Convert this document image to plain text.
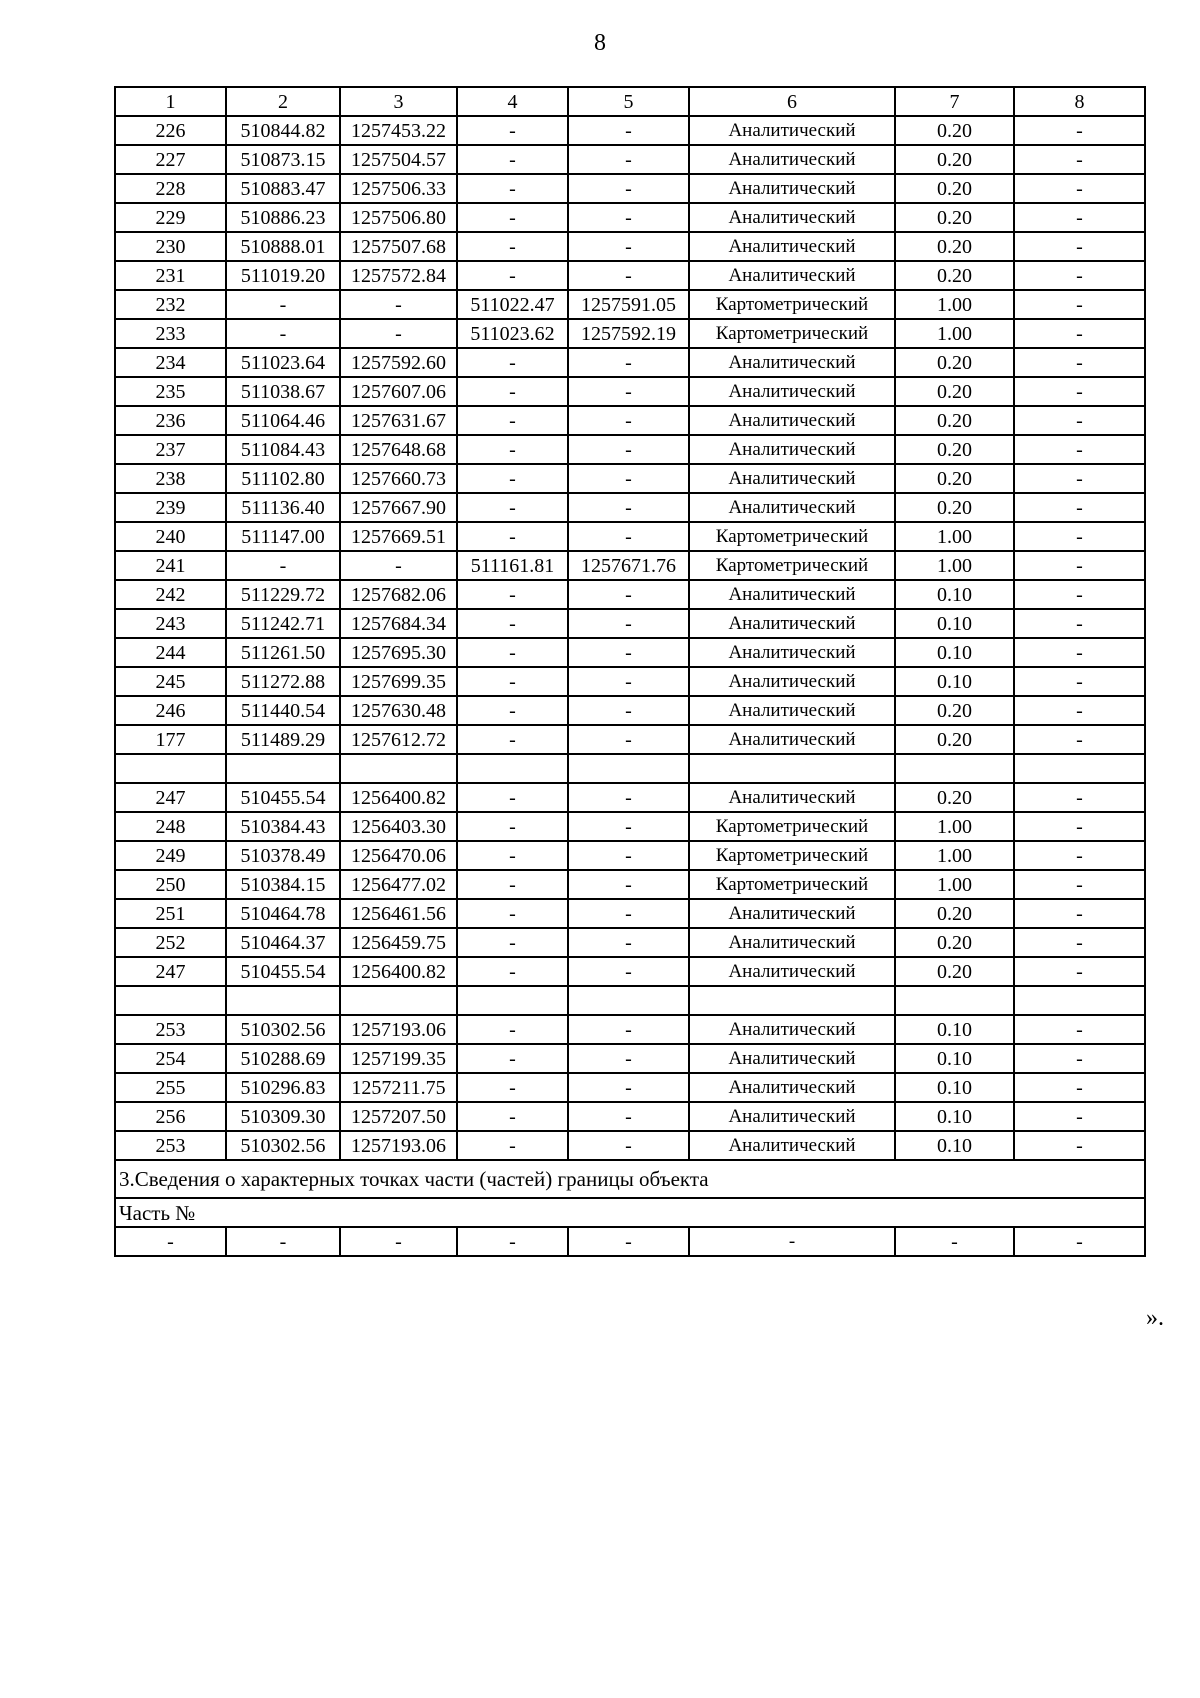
8
1	2	3	4	5	6	7	8
226	510844.82	1257453.22	-	-	Аналитический	0.20	-
227	510873.15	1257504.57	-	-	Аналитический	0.20	-
228	510883.47	1257506.33	-	-	Аналитический	0.20	-
229	510886.23	1257506.80	-	-	Аналитический	0.20	-
230	510888.01	1257507.68	-	-	Аналитический	0.20	-
231	511019.20	1257572.84	-	-	Аналитический	0.20	-
232	-	-	511022.47	1257591.05	Картометрический	1.00	-
233	-	-	511023.62	1257592.19	Картометрический	1.00	-
234	511023.64	1257592.60	-	-	Аналитический	0.20	-
235	511038.67	1257607.06	-	-	Аналитический	0.20	-
236	511064.46	1257631.67	-	-	Аналитический	0.20	-
237	511084.43	1257648.68	-	-	Аналитический	0.20	-
238	511102.80	1257660.73	-	-	Аналитический	0.20	-
239	511136.40	1257667.90	-	-	Аналитический	0.20	-
240	511147.00	1257669.51	-	-	Картометрический	1.00	-
241	-	-	511161.81	1257671.76	Картометрический	1.00	-
242	511229.72	1257682.06	-	-	Аналитический	0.10	-
243	511242.71	1257684.34	-	-	Аналитический	0.10	-
244	511261.50	1257695.30	-	-	Аналитический	0.10	-
245	511272.88	1257699.35	-	-	Аналитический	0.10	-
246	511440.54	1257630.48	-	-	Аналитический	0.20	-
177	511489.29	1257612.72	-	-	Аналитический	0.20	-

247	510455.54	1256400.82	-	-	Аналитический	0.20	-
248	510384.43	1256403.30	-	-	Картометрический	1.00	-
249	510378.49	1256470.06	-	-	Картометрический	1.00	-
250	510384.15	1256477.02	-	-	Картометрический	1.00	-
251	510464.78	1256461.56	-	-	Аналитический	0.20	-
252	510464.37	1256459.75	-	-	Аналитический	0.20	-
247	510455.54	1256400.82	-	-	Аналитический	0.20	-

253	510302.56	1257193.06	-	-	Аналитический	0.10	-
254	510288.69	1257199.35	-	-	Аналитический	0.10	-
255	510296.83	1257211.75	-	-	Аналитический	0.10	-
256	510309.30	1257207.50	-	-	Аналитический	0.10	-
253	510302.56	1257193.06	-	-	Аналитический	0.10	-
3.Сведения о характерных точках части (частей) границы объекта							
Часть №							
-	-	-	-	-	-	-	-
».
